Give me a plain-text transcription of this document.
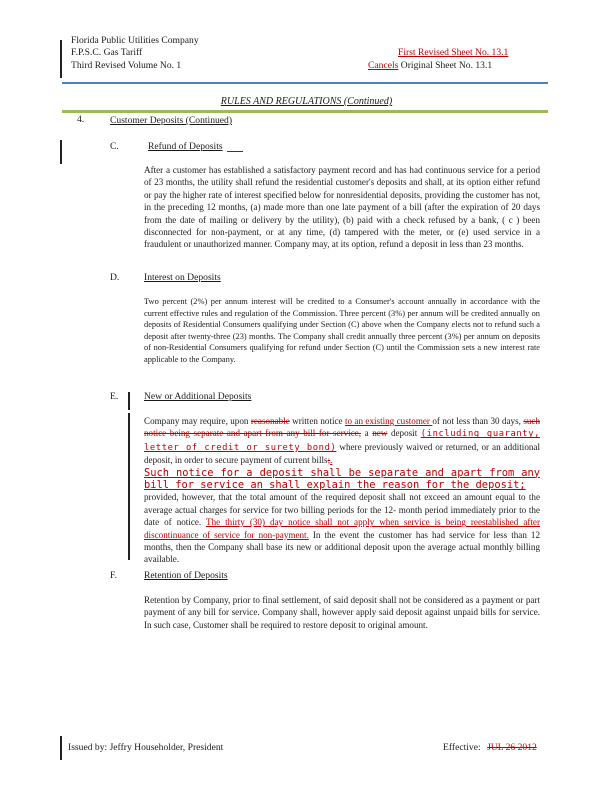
Florida Public Utilities Company
F.P.S.C. Gas Tariff
Third Revised Volume No. 1
First Revised Sheet No. 13.1
Cancels Original Sheet No. 13.1
RULES AND REGULATIONS (Continued)
4.	Customer Deposits (Continued)
C.	Refund of Deposits
After a customer has established a satisfactory payment record and has had continuous service for a period of 23 months, the utility shall refund the residential customer's deposits and shall, at its option either refund or pay the higher rate of interest specified below for nonresidential deposits, providing the customer has not, in the preceding 12 months, (a) made more than one late payment of a bill (after the expiration of 20 days from the date of mailing or delivery by the utility), (b) paid with a check refused by a bank, ( c ) been disconnected for non-payment, or at any time, (d) tampered with the meter, or (e) used service in a fraudulent or unauthorized manner. Company may, at its option, refund a deposit in less than 23 months.
D.	Interest on Deposits
Two percent (2%) per annum interest will be credited to a Consumer's account annually in accordance with the current effective rules and regulation of the Commission. Three percent (3%) per annum will be credited annually on deposits of Residential Consumers qualifying under Section (C) above when the Company elects not to refund such a deposit after twenty-three (23) months. The Company shall credit annually three percent (3%) per annum on deposits of non-Residential Consumers qualifying for refund under Section (C) until the Commission sets a new interest rate applicable to the Company.
E.	New or Additional Deposits
Company may require, upon reasonable written notice to an existing customer of not less than 30 days, such notice being separate and apart from any bill for service, a new deposit (including guaranty, letter of credit or surety bond) where previously waived or returned, or an additional deposit, in order to secure payment of current bills;.
Such notice for a deposit shall be separate and apart from any bill for service an shall explain the reason for the deposit;
provided, however, that the total amount of the required deposit shall not exceed an amount equal to the average actual charges for service for two billing periods for the 12- month period immediately prior to the date of notice. The thirty (30) day notice shall not apply when service is being reestablished after discontinuance of service for non-payment. In the event the customer has had service for less than 12 months, then the Company shall base its new or additional deposit upon the average actual monthly billing available.
F.	Retention of Deposits
Retention by Company, prior to final settlement, of said deposit shall not be considered as a payment or part payment of any bill for service. Company shall, however apply said deposit against unpaid bills for service. In such case, Customer shall be required to restore deposit to original amount.
Issued by: Jeffry Householder, President	Effective: JUL 26 2012
